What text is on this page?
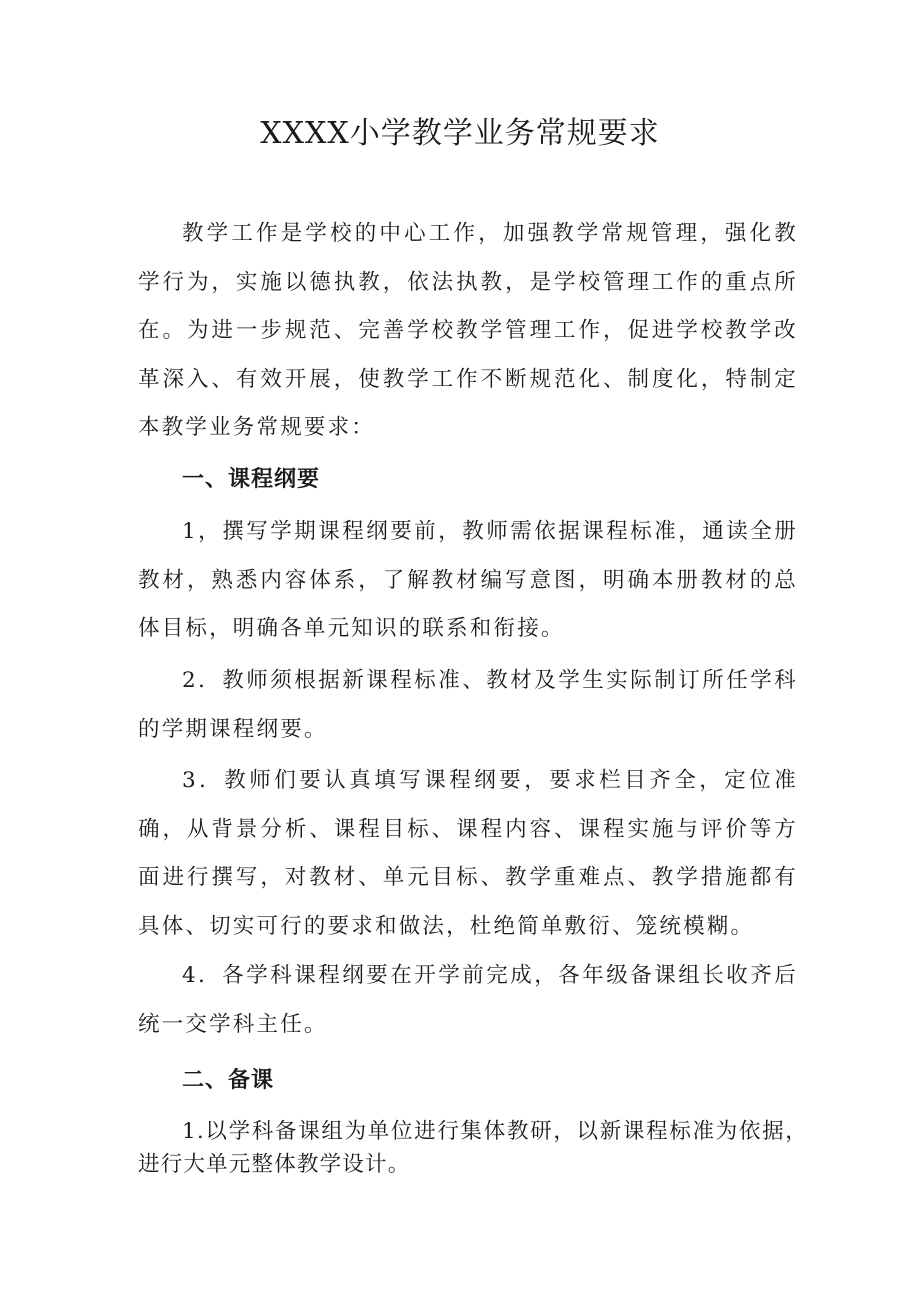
XXXX小学教学业务常规要求

教学工作是学校的中心工作，加强教学常规管理，强化教学行为，实施以德执教，依法执教，是学校管理工作的重点所在。为进一步规范、完善学校教学管理工作，促进学校教学改革深入、有效开展，使教学工作不断规范化、制度化，特制定本教学业务常规要求：

一、课程纲要

1，撰写学期课程纲要前，教师需依据课程标准，通读全册教材，熟悉内容体系，了解教材编写意图，明确本册教材的总体目标，明确各单元知识的联系和衔接。

2．教师须根据新课程标准、教材及学生实际制订所任学科的学期课程纲要。

3．教师们要认真填写课程纲要，要求栏目齐全，定位准确，从背景分析、课程目标、课程内容、课程实施与评价等方面进行撰写，对教材、单元目标、教学重难点、教学措施都有具体、切实可行的要求和做法，杜绝简单敷衍、笼统模糊。

4．各学科课程纲要在开学前完成，各年级备课组长收齐后统一交学科主任。

二、备课

1.以学科备课组为单位进行集体教研，以新课程标准为依据，进行大单元整体教学设计。
